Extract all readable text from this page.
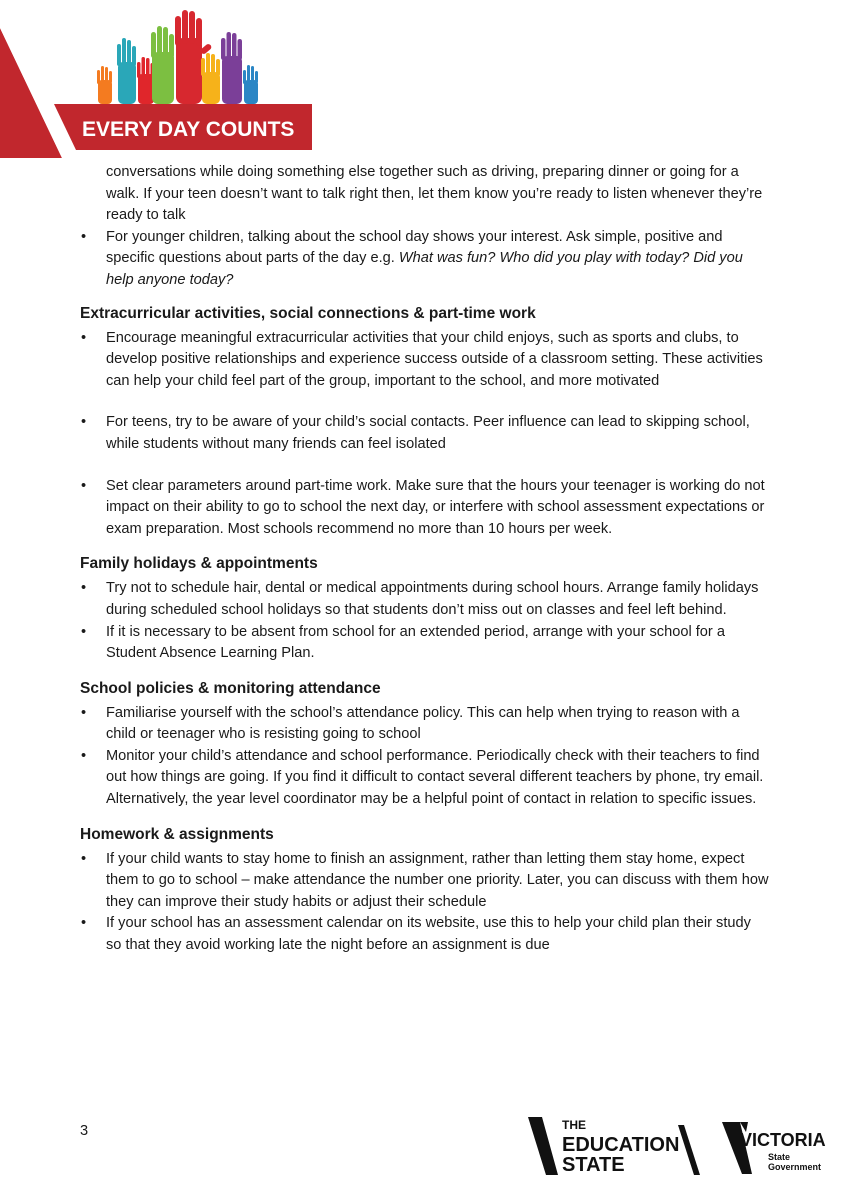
EVERY DAY COUNTS
conversations while doing something else together such as driving, preparing dinner or going for a walk. If your teen doesn’t want to talk right then, let them know you’re ready to listen whenever they’re ready to talk
• For younger children, talking about the school day shows your interest. Ask simple, positive and specific questions about parts of the day e.g. What was fun? Who did you play with today? Did you help anyone today?
Extracurricular activities, social connections & part-time work
• Encourage meaningful extracurricular activities that your child enjoys, such as sports and clubs, to develop positive relationships and experience success outside of a classroom setting. These activities can help your child feel part of the group, important to the school, and more motivated
• For teens, try to be aware of your child’s social contacts. Peer influence can lead to skipping school, while students without many friends can feel isolated
• Set clear parameters around part-time work. Make sure that the hours your teenager is working do not impact on their ability to go to school the next day, or interfere with school assessment expectations or exam preparation. Most schools recommend no more than 10 hours per week.
Family holidays & appointments
• Try not to schedule hair, dental or medical appointments during school hours. Arrange family holidays during scheduled school holidays so that students don’t miss out on classes and feel left behind.
• If it is necessary to be absent from school for an extended period, arrange with your school for a Student Absence Learning Plan.
School policies & monitoring attendance
• Familiarise yourself with the school’s attendance policy. This can help when trying to reason with a child or teenager who is resisting going to school
• Monitor your child’s attendance and school performance. Periodically check with their teachers to find out how things are going. If you find it difficult to contact several different teachers by phone, try email. Alternatively, the year level coordinator may be a helpful point of contact in relation to specific issues.
Homework & assignments
• If your child wants to stay home to finish an assignment, rather than letting them stay home, expect them to go to school – make attendance the number one priority. Later, you can discuss with them how they can improve their study habits or adjust their schedule
• If your school has an assessment calendar on its website, use this to help your child plan their study so that they avoid working late the night before an assignment is due
3	THE
EDUCATION
STATE
VICTORIA
State
Government
